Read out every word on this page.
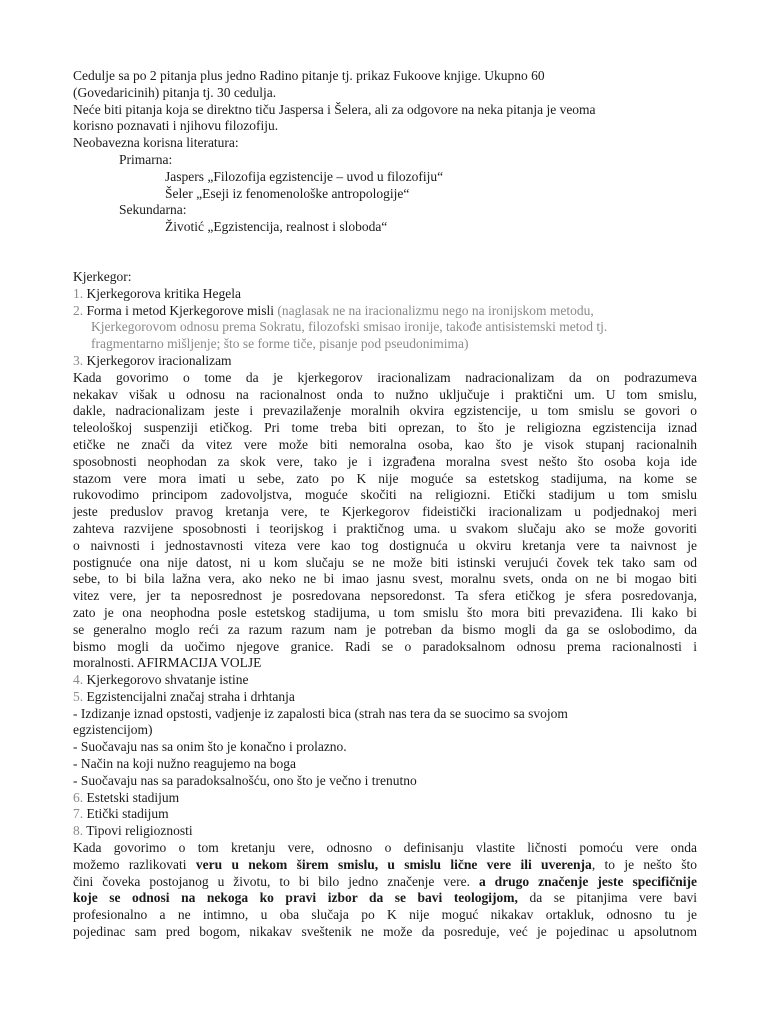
Cedulje sa po 2 pitanja plus jedno Radino pitanje tj. prikaz Fukoove knjige. Ukupno 60
(Govedaricinih) pitanja tj. 30 cedulja.
Neće biti pitanja koja se direktno tiču Jaspersa i Šelera, ali za odgovore na neka pitanja je veoma
korisno poznavati i njihovu filozofiju.
Neobavezna korisna literatura:
Primarna:
Jaspers „Filozofija egzistencije – uvod u filozofiju“
Šeler „Eseji iz fenomenološke antropologije“
Sekundarna:
Životić „Egzistencija, realnost i sloboda“
Kjerkegor:
1. Kjerkegorova kritika Hegela
2. Forma i metod Kjerkegorove misli (naglasak ne na iracionalizmu nego na ironijskom metodu,
Kjerkegorovom odnosu prema Sokratu, filozofski smisao ironije, takođe antisistemski metod tj.
fragmentarno mišljenje; što se forme tiče, pisanje pod pseudonimima)
3. Kjerkegorov iracionalizam
Kada govorimo o tome da je kjerkegorov iracionalizam nadracionalizam da on podrazumeva
nekakav višak u odnosu na racionalnost onda to nužno uključuje i praktični um. U tom smislu,
dakle, nadracionalizam jeste i prevazilaženje moralnih okvira egzistencije, u tom smislu se govori o
teleološkoj suspenziji etičkog. Pri tome treba biti oprezan, to što je religiozna egzistencija iznad
etičke ne znači da vitez vere može biti nemoralna osoba, kao što je visok stupanj racionalnih
sposobnosti neophodan za skok vere, tako je i izgrađena moralna svest nešto što osoba koja ide
stazom vere mora imati u sebe, zato po K nije moguće sa estetskog stadijuma, na kome se
rukovodimo principom zadovoljstva, moguće skočiti na religiozni. Etički stadijum u tom smislu
jeste preduslov pravog kretanja vere, te Kjerkegorov fideistički iracionalizam u podjednakoj meri
zahteva razvijene sposobnosti i teorijskog i praktičnog uma. u svakom slučaju ako se može govoriti
o naivnosti i jednostavnosti viteza vere kao tog dostignuća u okviru kretanja vere ta naivnost je
postignuće ona nije datost, ni u kom slučaju se ne može biti istinski verujući čovek tek tako sam od
sebe, to bi bila lažna vera, ako neko ne bi imao jasnu svest, moralnu svets, onda on ne bi mogao biti
vitez vere, jer ta neposrednost je posredovana nepsoredonst. Ta sfera etičkog je sfera posredovanja,
zato je ona neophodna posle estetskog stadijuma, u tom smislu što mora biti prevaziđena. Ili kako bi
se generalno moglo reći za razum razum nam je potreban da bismo mogli da ga se oslobodimo, da
bismo mogli da uočimo njegove granice. Radi se o paradoksalnom odnosu prema racionalnosti i
moralnosti. AFIRMACIJA VOLJE
4. Kjerkegorovo shvatanje istine
5. Egzistencijalni značaj straha i drhtanja
- Izdizanje iznad opstosti, vadjenje iz zapalosti bica (strah nas tera da se suocimo sa svojom
egzistencijom)
- Suočavaju nas sa onim što je konačno i prolazno.
- Način na koji nužno reagujemo na boga
- Suočavaju nas sa paradoksalnošću, ono što je večno i trenutno
6. Estetski stadijum
7. Etički stadijum
8. Tipovi religioznosti
Kada govorimo o tom kretanju vere, odnosno o definisanju vlastite ličnosti pomoću vere onda
možemo razlikovati veru u nekom širem smislu, u smislu lične vere ili uverenja, to je nešto što
čini čoveka postojanog u životu, to bi bilo jedno značenje vere. a drugo značenje jeste specifičnije
koje se odnosi na nekoga ko pravi izbor da se bavi teologijom, da se pitanjima vere bavi
profesionalno a ne intimno, u oba slučaja po K nije moguć nikakav ortakluk, odnosno tu je
pojedinac sam pred bogom, nikakav sveštenik ne može da posreduje, već je pojedinac u apsolutnom
